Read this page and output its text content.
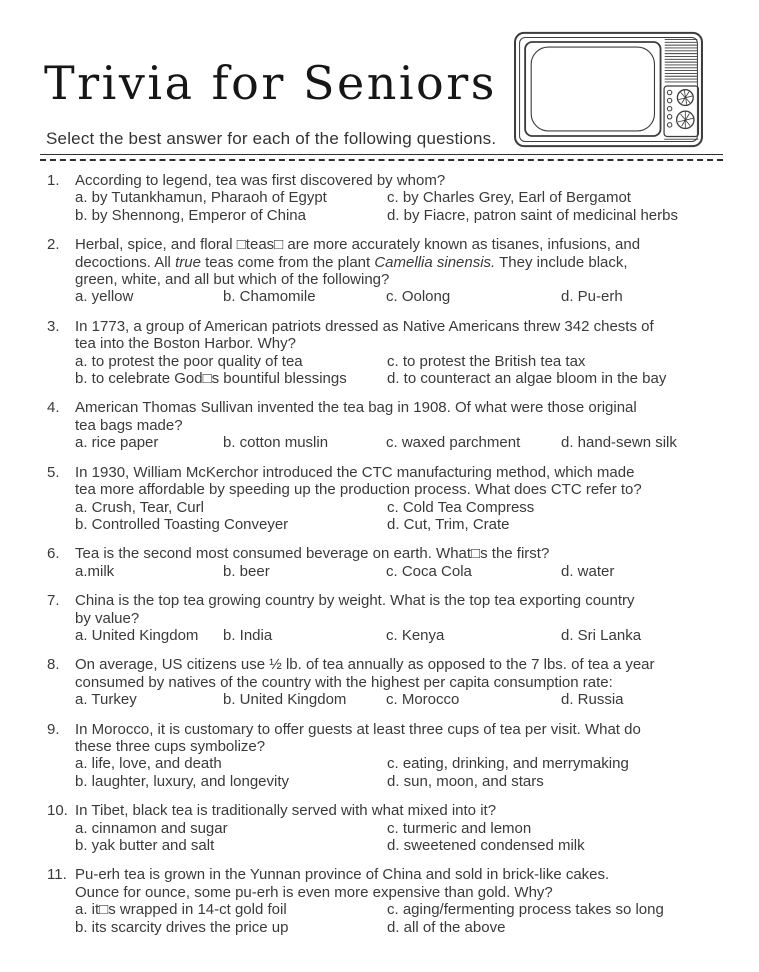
Trivia for Seniors
Select the best answer for each of the following questions.
1.	According to legend, tea was first discovered by whom?
a. by Tutankhamun, Pharaoh of Egypt	c. by Charles Grey, Earl of Bergamot
b. by Shennong, Emperor of China	d. by Fiacre, patron saint of medicinal herbs
2.	Herbal, spice, and floral □teas□ are more accurately known as tisanes, infusions, and
decoctions. All true teas come from the plant Camellia sinensis. They include black,
green, white, and all but which of the following?
a. yellow	b. Chamomile	c. Oolong	d. Pu-erh
3.	In 1773, a group of American patriots dressed as Native Americans threw 342 chests of
tea into the Boston Harbor. Why?
a. to protest the poor quality of tea	c. to protest the British tea tax
b. to celebrate God□s bountiful blessings	d. to counteract an algae bloom in the bay
4.	American Thomas Sullivan invented the tea bag in 1908. Of what were those original
tea bags made?
a. rice paper	b. cotton muslin	c. waxed parchment	d. hand-sewn silk
5.	In 1930, William McKerchor introduced the CTC manufacturing method, which made
tea more affordable by speeding up the production process. What does CTC refer to?
a. Crush, Tear, Curl	c. Cold Tea Compress
b. Controlled Toasting Conveyer	d. Cut, Trim, Crate
6.	Tea is the second most consumed beverage on earth. What□s the first?
a.milk	b. beer	c. Coca Cola	d. water
7.	China is the top tea growing country by weight. What is the top tea exporting country
by value?
a. United Kingdom	b. India	c. Kenya	d. Sri Lanka
8.	On average, US citizens use ½ lb. of tea annually as opposed to the 7 lbs. of tea a year
consumed by natives of the country with the highest per capita consumption rate:
a. Turkey	b. United Kingdom	c. Morocco	d. Russia
9.	In Morocco, it is customary to offer guests at least three cups of tea per visit. What do
these three cups symbolize?
a. life, love, and death	c. eating, drinking, and merrymaking
b. laughter, luxury, and longevity	d. sun, moon, and stars
10. In Tibet, black tea is traditionally served with what mixed into it?
a. cinnamon and sugar	c. turmeric and lemon
b. yak butter and salt	d. sweetened condensed milk
11. Pu-erh tea is grown in the Yunnan province of China and sold in brick-like cakes.
Ounce for ounce, some pu-erh is even more expensive than gold. Why?
a. it□s wrapped in 14-ct gold foil	c. aging/fermenting process takes so long
b. its scarcity drives the price up	d. all of the above
